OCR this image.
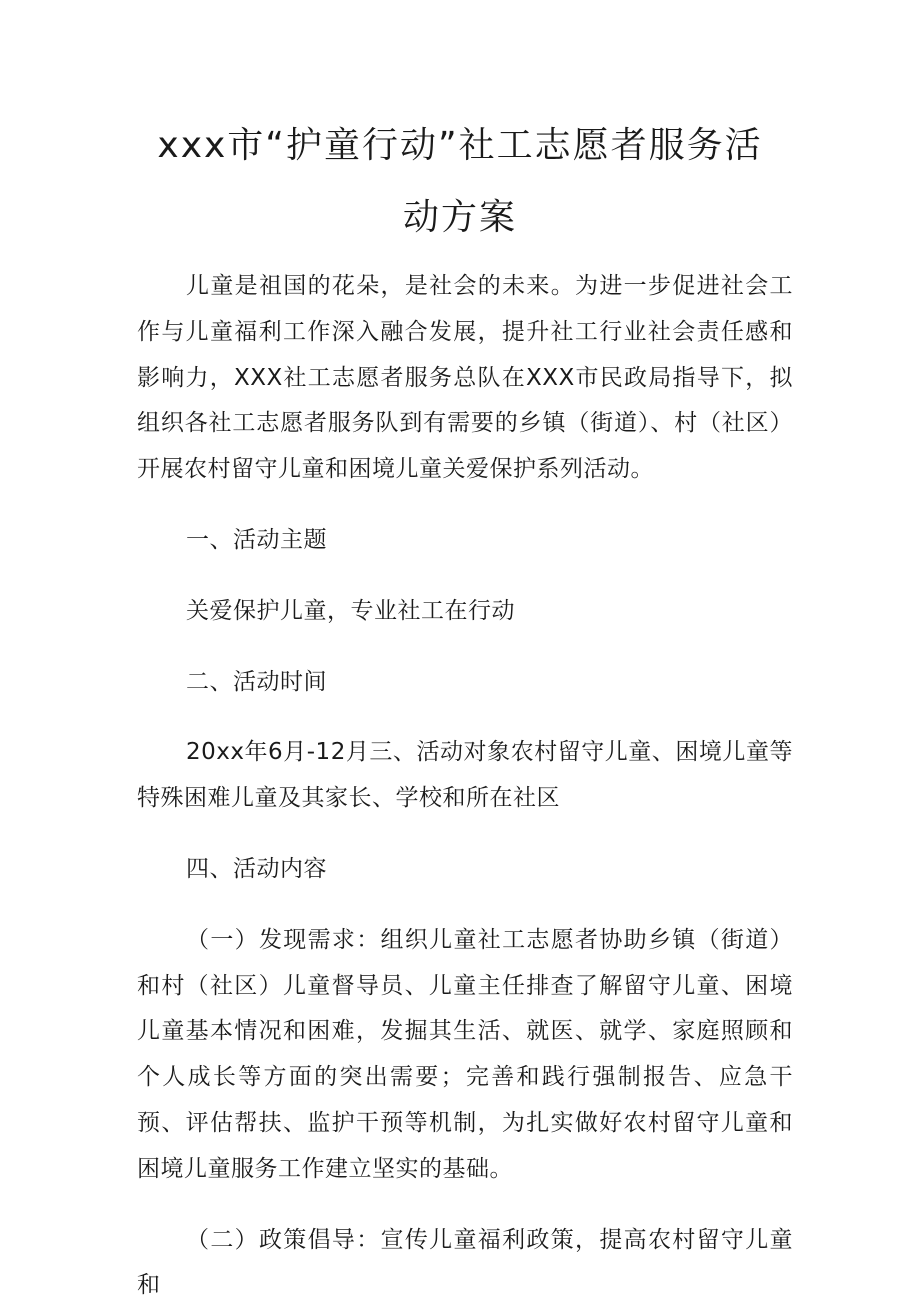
xxx市“护童行动”社工志愿者服务活
动方案

儿童是祖国的花朵，是社会的未来。为进一步促进社会工作与儿童福利工作深入融合发展，提升社工行业社会责任感和影响力，XXX社工志愿者服务总队在XXX市民政局指导下，拟组织各社工志愿者服务队到有需要的乡镇（街道）、村（社区）开展农村留守儿童和困境儿童关爱保护系列活动。

一、活动主题

关爱保护儿童，专业社工在行动

二、活动时间

20xx年6月-12月三、活动对象农村留守儿童、困境儿童等特殊困难儿童及其家长、学校和所在社区

四、活动内容

（一）发现需求：组织儿童社工志愿者协助乡镇（街道）和村（社区）儿童督导员、儿童主任排查了解留守儿童、困境儿童基本情况和困难，发掘其生活、就医、就学、家庭照顾和个人成长等方面的突出需要；完善和践行强制报告、应急干预、评估帮扶、监护干预等机制，为扎实做好农村留守儿童和困境儿童服务工作建立坚实的基础。

（二）政策倡导：宣传儿童福利政策，提高农村留守儿童和
